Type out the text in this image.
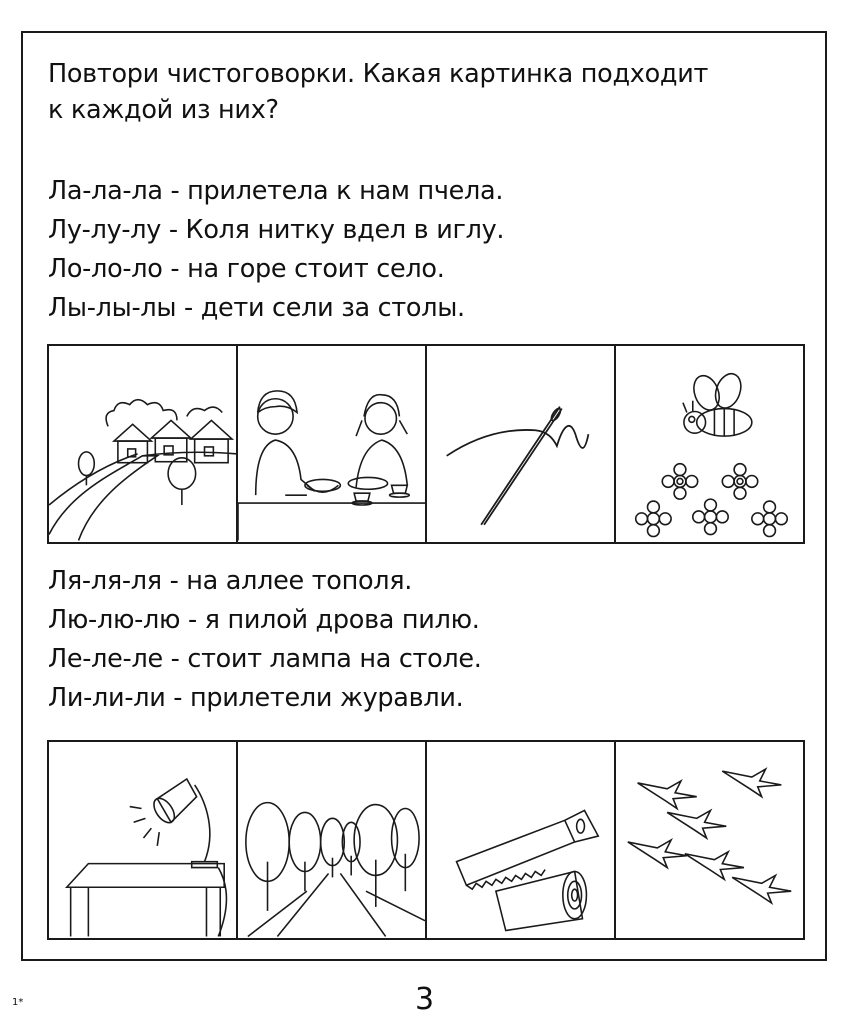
Повтори чистоговорки. Какая картинка подходит
к каждой из них?
Ла-ла-ла - прилетела к нам пчела.
Лу-лу-лу - Коля нитку вдел в иглу.
Ло-ло-ло - на горе стоит село.
Лы-лы-лы - дети сели за столы.
Ля-ля-ля - на аллее тополя.
Лю-лю-лю - я пилой дрова пилю.
Ле-ле-ле - стоит лампа на столе.
Ли-ли-ли - прилетели журавли.
3
1*
